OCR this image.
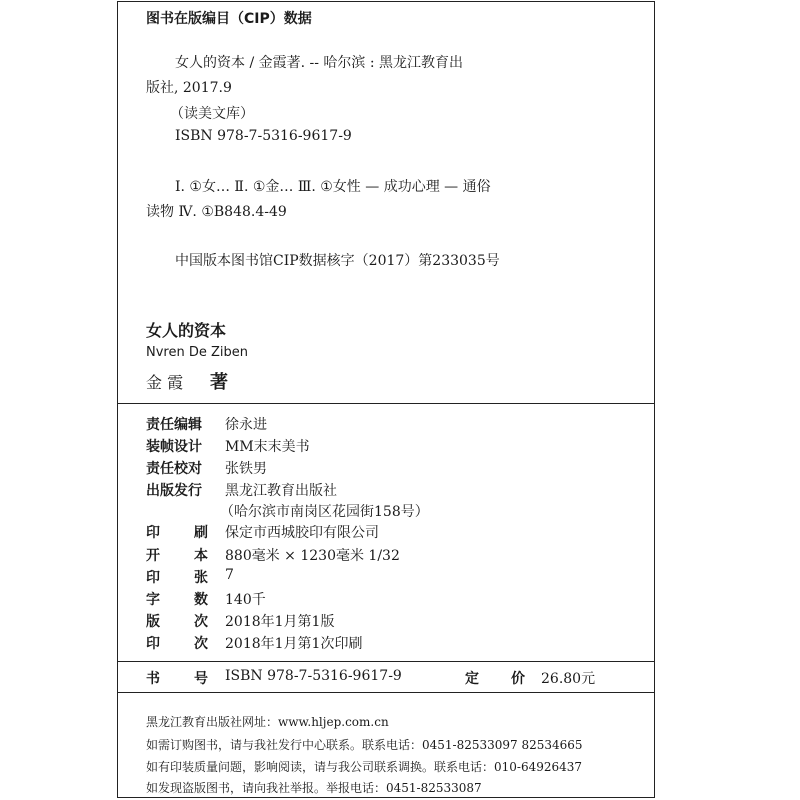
图书在版编目（CIP）数据
女人的资本 / 金霞著. -- 哈尔滨 : 黑龙江教育出
版社, 2017.9
（读美文库）
ISBN 978-7-5316-9617-9
Ⅰ. ①女… Ⅱ. ①金… Ⅲ. ①女性 — 成功心理 — 通俗
读物 Ⅳ. ①B848.4-49
中国版本图书馆CIP数据核字（2017）第233035号
女人的资本
Nvren De Ziben
金 霞 著
责任编辑	徐永进
装帧设计	MM末末美书
责任校对	张铁男
出版发行	黑龙江教育出版社
（哈尔滨市南岗区花园街158号）
印 刷 保定市西城胶印有限公司
开 本 880毫米 × 1230毫米 1/32
印 张 7
字 数 140千
版 次 2018年1月第1版
印 次 2018年1月第1次印刷
书 号 ISBN 978-7-5316-9617-9	定 价 26.80元
黑龙江教育出版社网址：www.hljep.com.cn
如需订购图书，请与我社发行中心联系。联系电话：0451-82533097 82534665
如有印装质量问题，影响阅读，请与我公司联系调换。联系电话：010-64926437
如发现盗版图书，请向我社举报。举报电话：0451-82533087
